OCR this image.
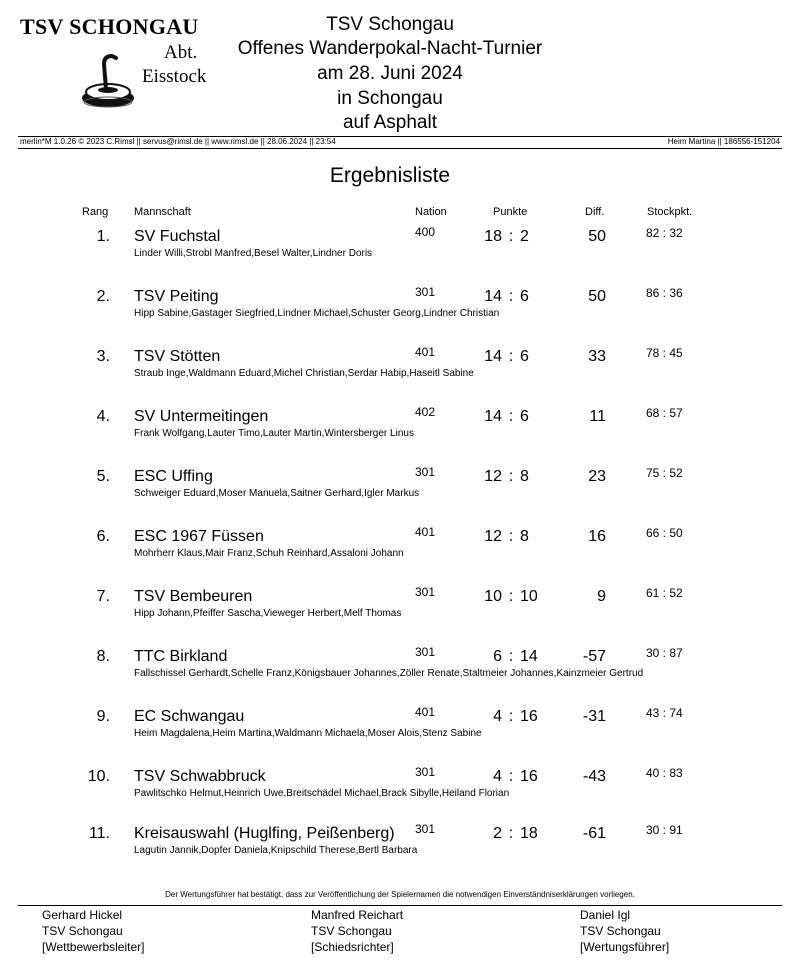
TSV SCHONGAU
Abt.
Eisstock
TSV Schongau
Offenes Wanderpokal-Nacht-Turnier
am 28. Juni 2024
in Schongau
auf Asphalt
merlin*M 1.0.26 © 2023 C.Rimsl || servus@rimsl.de || www.rimsl.de || 28.06.2024 || 23:54	Heim Martina || 186556-151204
Ergebnisliste
Rang Mannschaft	Nation	Punkte	Diff.	Stockpkt.
1. SV Fuchstal
Linder Willi,Strobl Manfred,Besel Walter,Lindner Doris
400	18 : 2	50	82 : 32
2. TSV Peiting
Hipp Sabine,Gastager Siegfried,Lindner Michael,Schuster Georg,Lindner Christian
301	14 : 6	50	86 : 36
3. TSV Stötten
Straub Inge,Waldmann Eduard,Michel Christian,Serdar Habip,Haseitl Sabine
401	14 : 6	33	78 : 45
4. SV Untermeitingen
Frank Wolfgang,Lauter Timo,Lauter Martin,Wintersberger Linus
402	14 : 6	11	68 : 57
5. ESC Uffing
Schweiger Eduard,Moser Manuela,Saitner Gerhard,Igler Markus
301	12 : 8	23	75 : 52
6. ESC 1967 Füssen
Mohrherr Klaus,Mair Franz,Schuh Reinhard,Assaloni Johann
401	12 : 8	16	66 : 50
7. TSV Bembeuren
Hipp Johann,Pfeiffer Sascha,Vieweger Herbert,Melf Thomas
301	10 : 10	9	61 : 52
8. TTC Birkland
Fallschissel Gerhardt,Schelle Franz,Königsbauer Johannes,Zöller Renate,Staltmeier Johannes,Kainzmeier Gertrud
301	6 : 14	-57	30 : 87
9. EC Schwangau
Heim Magdalena,Heim Martina,Waldmann Michaela,Moser Alois,Stenz Sabine
401	4 : 16	-31	43 : 74
10. TSV Schwabbruck
Pawlitschko Helmut,Heinrich Uwe,Breitschädel Michael,Brack Sibylle,Heiland Florian
301	4 : 16	-43	40 : 83
11. Kreisauswahl (Huglfing, Peißenberg)
Lagutin Jannik,Dopfer Daniela,Knipschild Therese,Bertl Barbara
301	2 : 18	-61	30 : 91
Der Wertungsführer hat bestätigt, dass zur Veröffentlichung der Spielernamen die notwendigen Einverständniserklärungen vorliegen.
Gerhard Hickel
TSV Schongau
[Wettbewerbsleiter]
Manfred Reichart
TSV Schongau
[Schiedsrichter]
Daniel Igl
TSV Schongau
[Wertungsführer]
